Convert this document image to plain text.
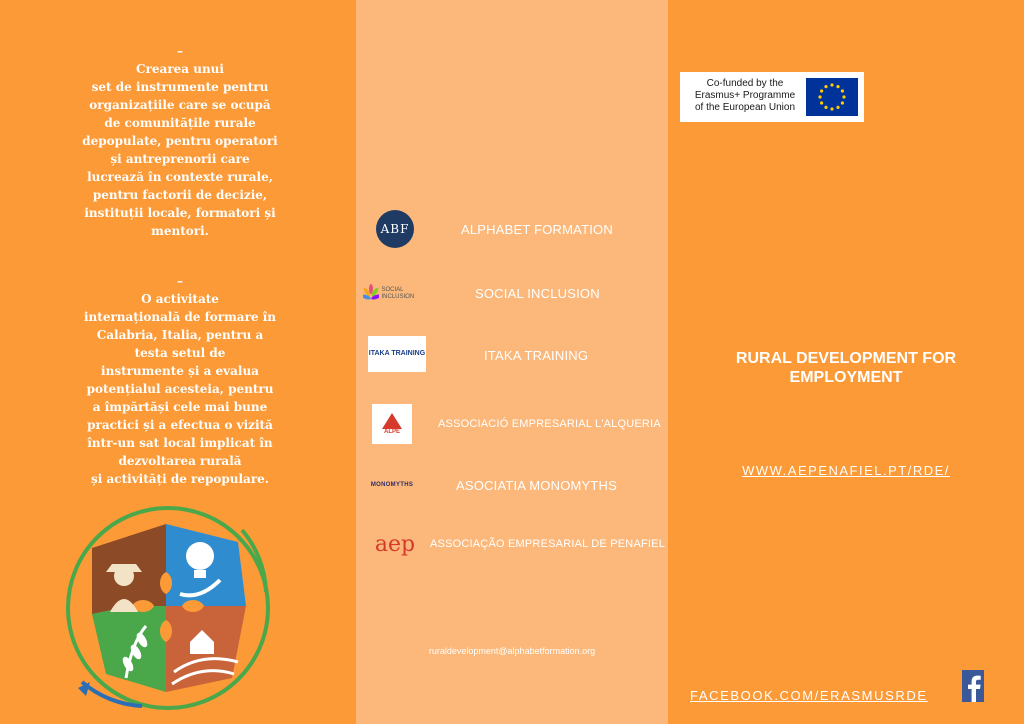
–
Crearea unui
set de instrumente pentru
organizațiile care se ocupă
de comunitățile rurale
depopulate, pentru operatori
și antreprenorii care
lucrează în contexte rurale,
pentru factorii de decizie,
instituții locale, formatori și
mentori.
–
O activitate
internațională de formare în
Calabria, Italia, pentru a
testa setul de
instrumente și a evalua
potențialul acesteia, pentru
a împărtăși cele mai bune
practici și a efectua o vizită
într-un sat local implicat în
dezvoltarea rurală
și activități de repopulare.
ABF	ALPHABET FORMATION
SOCIAL INCLUSION	SOCIAL INCLUSION
ITAKA TRAINING	ITAKA TRAINING
ALPE
ASSOCIACIÓ EMPRESARIAL L'ALQUERIA
MONOMYTHS	ASOCIATIA MONOMYTHS
aep ASSOCIAÇÃO EMPRESARIAL DE PENAFIEL
ruraldevelopment@alphabetformation.org
Co-funded by the
Erasmus+ Programme
of the European Union
RURAL DEVELOPMENT FOR
EMPLOYMENT
WWW.AEPENAFIEL.PT/RDE/
FACEBOOK.COM/ERASMUSRDE
